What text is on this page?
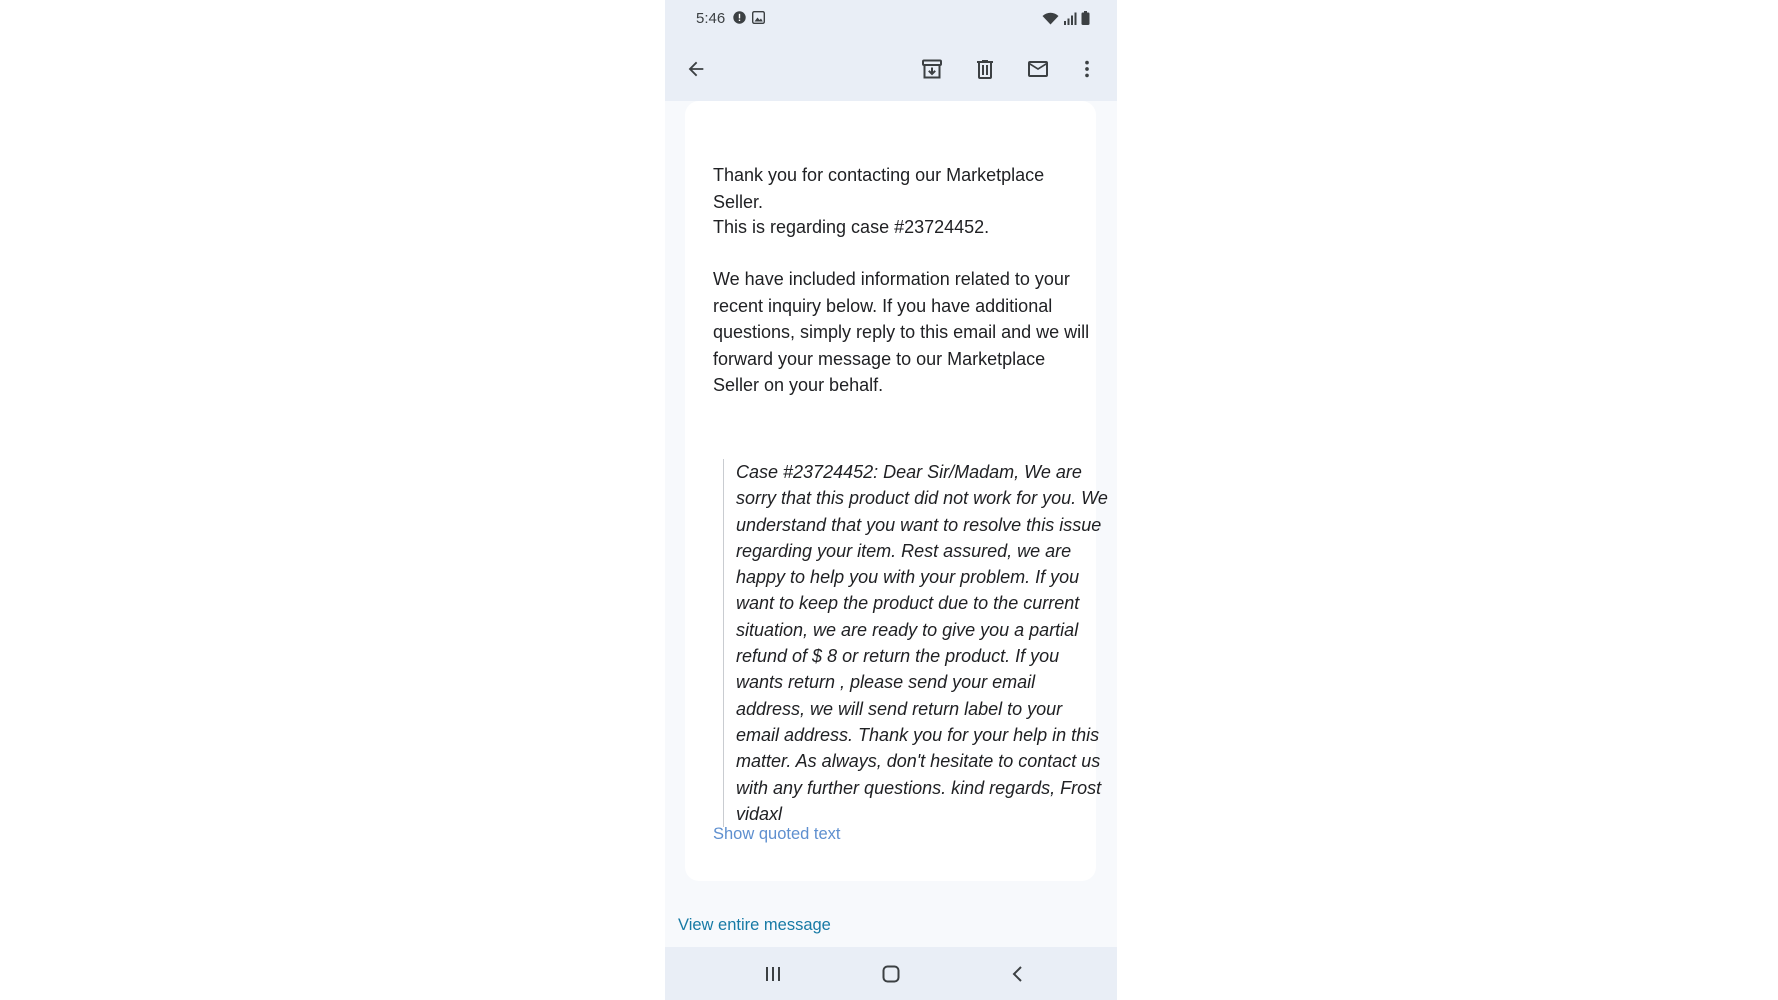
5:46
Thank you for contacting our Marketplace Seller.
This is regarding case #23724452.
We have included information related to your recent inquiry below. If you have additional questions, simply reply to this email and we will forward your message to our Marketplace Seller on your behalf.
Case #23724452: Dear Sir/Madam, We are sorry that this product did not work for you. We understand that you want to resolve this issue regarding your item. Rest assured, we are happy to help you with your problem. If you want to keep the product due to the current situation, we are ready to give you a partial refund of $ 8 or return the product. If you wants return , please send your email address, we will send return label to your email address. Thank you for your help in this matter. As always, don't hesitate to contact us with any further questions. kind regards, Frost vidaxl
Show quoted text
View entire message
